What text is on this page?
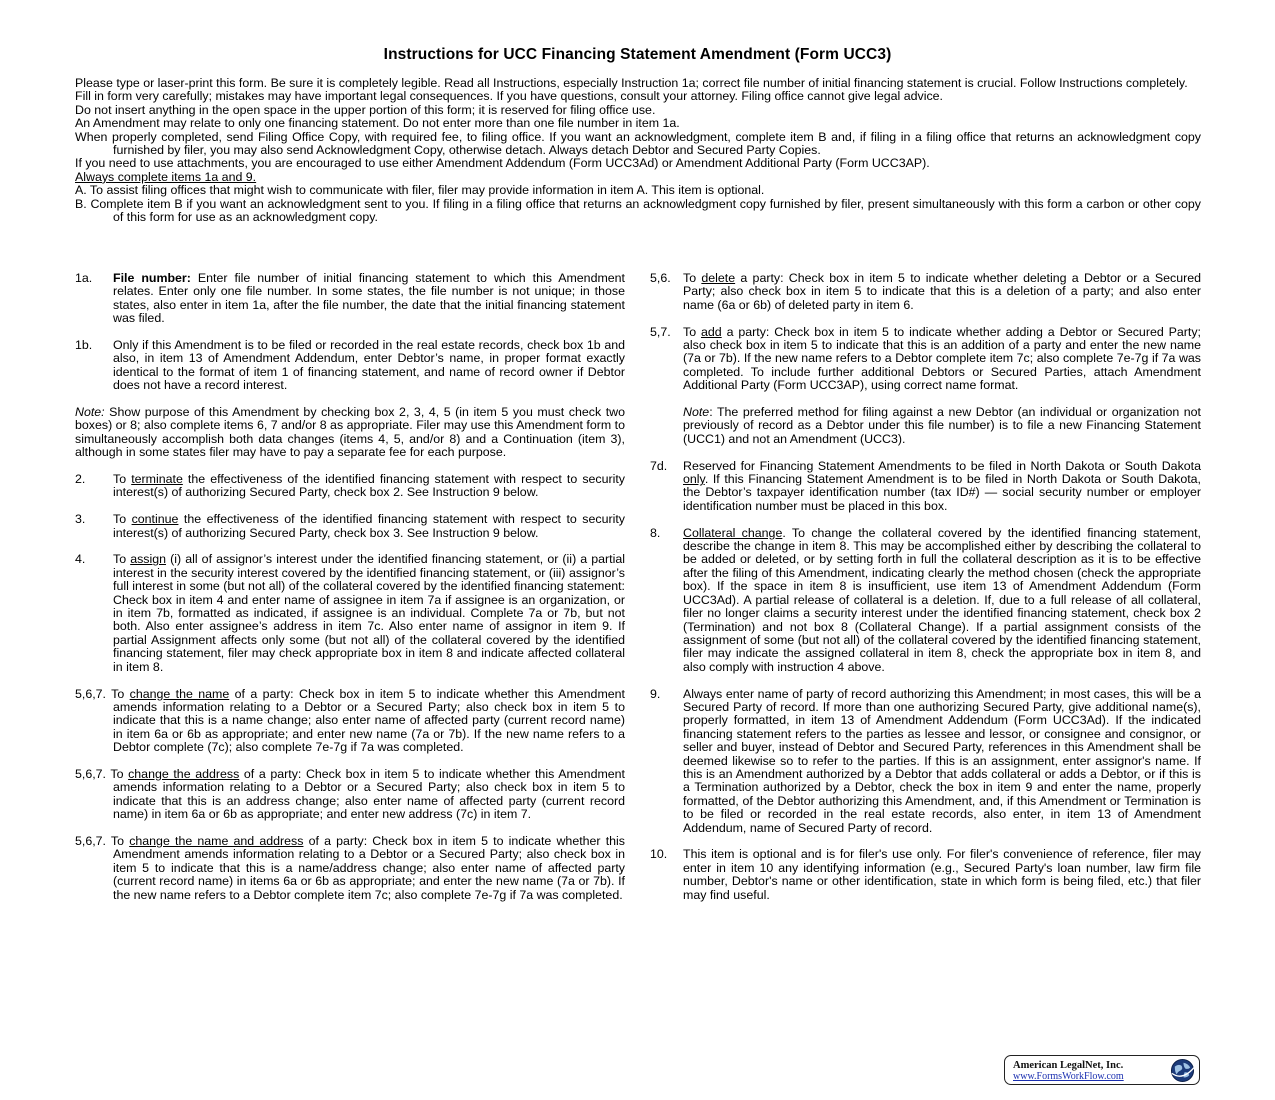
Instructions for UCC Financing Statement Amendment (Form UCC3)
Please type or laser-print this form. Be sure it is completely legible. Read all Instructions, especially Instruction 1a; correct file number of initial financing statement is crucial. Follow Instructions completely.
Fill in form very carefully; mistakes may have important legal consequences. If you have questions, consult your attorney. Filing office cannot give legal advice.
Do not insert anything in the open space in the upper portion of this form; it is reserved for filing office use.
An Amendment may relate to only one financing statement. Do not enter more than one file number in item 1a.
When properly completed, send Filing Office Copy, with required fee, to filing office. If you want an acknowledgment, complete item B and, if filing in a filing office that returns an acknowledgment copy furnished by filer, you may also send Acknowledgment Copy, otherwise detach. Always detach Debtor and Secured Party Copies.
If you need to use attachments, you are encouraged to use either Amendment Addendum (Form UCC3Ad) or Amendment Additional Party (Form UCC3AP).
Always complete items 1a and 9.
A. To assist filing offices that might wish to communicate with filer, filer may provide information in item A. This item is optional.
B. Complete item B if you want an acknowledgment sent to you. If filing in a filing office that returns an acknowledgment copy furnished by filer, present simultaneously with this form a carbon or other copy of this form for use as an acknowledgment copy.
1a.	File number: Enter file number of initial financing statement to which this Amendment relates. Enter only one file number. In some states, the file number is not unique; in those states, also enter in item 1a, after the file number, the date that the initial financing statement was filed.
1b.	Only if this Amendment is to be filed or recorded in the real estate records, check box 1b and also, in item 13 of Amendment Addendum, enter Debtor’s name, in proper format exactly identical to the format of item 1 of financing statement, and name of record owner if Debtor does not have a record interest.
Note: Show purpose of this Amendment by checking box 2, 3, 4, 5 (in item 5 you must check two boxes) or 8; also complete items 6, 7 and/or 8 as appropriate. Filer may use this Amendment form to simultaneously accomplish both data changes (items 4, 5, and/or 8) and a Continuation (item 3), although in some states filer may have to pay a separate fee for each purpose.
2.	To terminate the effectiveness of the identified financing statement with respect to security interest(s) of authorizing Secured Party, check box 2. See Instruction 9 below.
3.	To continue the effectiveness of the identified financing statement with respect to security interest(s) of authorizing Secured Party, check box 3. See Instruction 9 below.
4.	To assign (i) all of assignor’s interest under the identified financing statement, or (ii) a partial interest in the security interest covered by the identified financing statement, or (iii) assignor’s full interest in some (but not all) of the collateral covered by the identified financing statement: Check box in item 4 and enter name of assignee in item 7a if assignee is an organization, or in item 7b, formatted as indicated, if assignee is an individual. Complete 7a or 7b, but not both. Also enter assignee’s address in item 7c. Also enter name of assignor in item 9. If partial Assignment affects only some (but not all) of the collateral covered by the identified financing statement, filer may check appropriate box in item 8 and indicate affected collateral in item 8.
5,6,7. To change the name of a party: Check box in item 5 to indicate whether this Amendment amends information relating to a Debtor or a Secured Party; also check box in item 5 to indicate that this is a name change; also enter name of affected party (current record name) in item 6a or 6b as appropriate; and enter new name (7a or 7b). If the new name refers to a Debtor complete (7c); also complete 7e-7g if 7a was completed.
5,6,7. To change the address of a party: Check box in item 5 to indicate whether this Amendment amends information relating to a Debtor or a Secured Party; also check box in item 5 to indicate that this is an address change; also enter name of affected party (current record name) in item 6a or 6b as appropriate; and enter new address (7c) in item 7.
5,6,7. To change the name and address of a party: Check box in item 5 to indicate whether this Amendment amends information relating to a Debtor or a Secured Party; also check box in item 5 to indicate that this is a name/address change; also enter name of affected party (current record name) in items 6a or 6b as appropriate; and enter the new name (7a or 7b). If the new name refers to a Debtor complete item 7c; also complete 7e-7g if 7a was completed.
5,6. To delete a party: Check box in item 5 to indicate whether deleting a Debtor or a Secured Party; also check box in item 5 to indicate that this is a deletion of a party; and also enter name (6a or 6b) of deleted party in item 6.
5,7. To add a party: Check box in item 5 to indicate whether adding a Debtor or Secured Party; also check box in item 5 to indicate that this is an addition of a party and enter the new name (7a or 7b). If the new name refers to a Debtor complete item 7c; also complete 7e-7g if 7a was completed. To include further additional Debtors or Secured Parties, attach Amendment Additional Party (Form UCC3AP), using correct name format.
Note: The preferred method for filing against a new Debtor (an individual or organization not previously of record as a Debtor under this file number) is to file a new Financing Statement (UCC1) and not an Amendment (UCC3).
7d.	Reserved for Financing Statement Amendments to be filed in North Dakota or South Dakota only. If this Financing Statement Amendment is to be filed in North Dakota or South Dakota, the Debtor’s taxpayer identification number (tax ID#) — social security number or employer identification number must be placed in this box.
8.	Collateral change. To change the collateral covered by the identified financing statement, describe the change in item 8. This may be accomplished either by describing the collateral to be added or deleted, or by setting forth in full the collateral description as it is to be effective after the filing of this Amendment, indicating clearly the method chosen (check the appropriate box). If the space in item 8 is insufficient, use item 13 of Amendment Addendum (Form UCC3Ad). A partial release of collateral is a deletion. If, due to a full release of all collateral, filer no longer claims a security interest under the identified financing statement, check box 2 (Termination) and not box 8 (Collateral Change). If a partial assignment consists of the assignment of some (but not all) of the collateral covered by the identified financing statement, filer may indicate the assigned collateral in item 8, check the appropriate box in item 8, and also comply with instruction 4 above.
9.	Always enter name of party of record authorizing this Amendment; in most cases, this will be a Secured Party of record. If more than one authorizing Secured Party, give additional name(s), properly formatted, in item 13 of Amendment Addendum (Form UCC3Ad). If the indicated financing statement refers to the parties as lessee and lessor, or consignee and consignor, or seller and buyer, instead of Debtor and Secured Party, references in this Amendment shall be deemed likewise so to refer to the parties. If this is an assignment, enter assignor's name. If this is an Amendment authorized by a Debtor that adds collateral or adds a Debtor, or if this is a Termination authorized by a Debtor, check the box in item 9 and enter the name, properly formatted, of the Debtor authorizing this Amendment, and, if this Amendment or Termination is to be filed or recorded in the real estate records, also enter, in item 13 of Amendment Addendum, name of Secured Party of record.
10.	This item is optional and is for filer's use only. For filer's convenience of reference, filer may enter in item 10 any identifying information (e.g., Secured Party's loan number, law firm file number, Debtor's name or other identification, state in which form is being filed, etc.) that filer may find useful.
American LegalNet, Inc.
www.FormsWorkFlow.com
